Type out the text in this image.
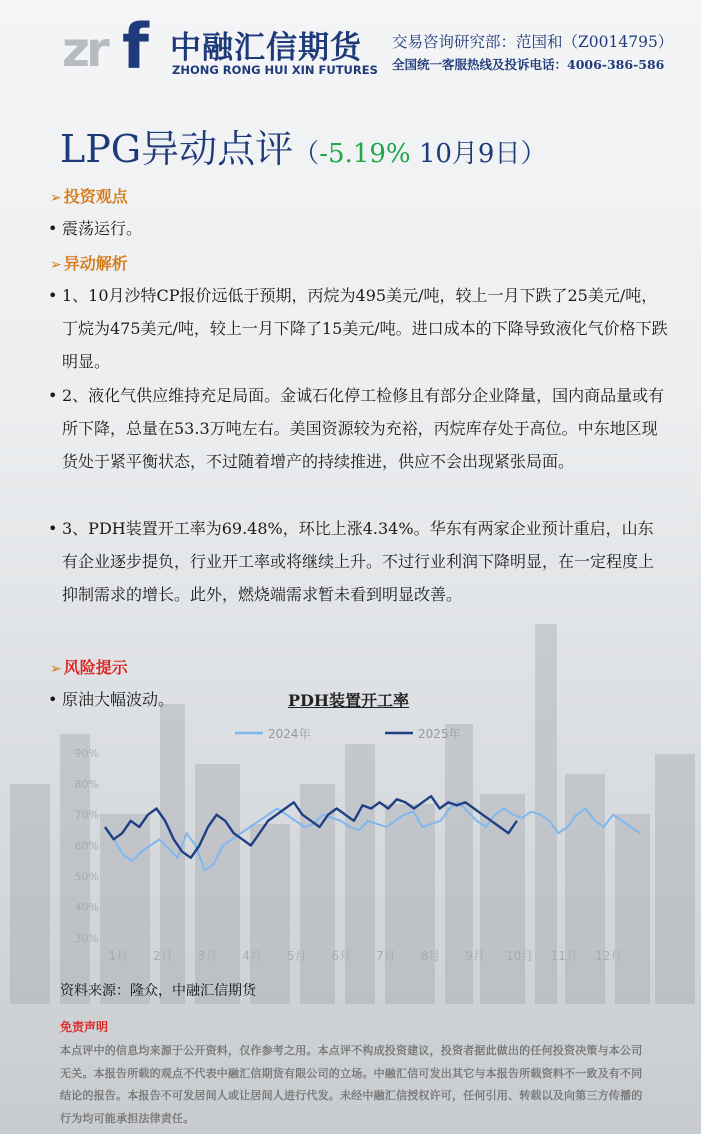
zr f 中融汇信期货
ZHONG RONG HUI XIN FUTURES
交易咨询研究部：范国和（Z0014795）
全国统一客服热线及投诉电话：4006-386-586
LPG异动点评（-5.19% 10月9日）
➢ 投资观点
• 震荡运行。
➢ 异动解析
• 1、10月沙特CP报价远低于预期，丙烷为495美元/吨，较上一月下跌了25美元/吨，丁烷为475美元/吨，较上一月下降了15美元/吨。进口成本的下降导致液化气价格下跌明显。
• 2、液化气供应维持充足局面。金诚石化停工检修且有部分企业降量，国内商品量或有所下降，总量在53.3万吨左右。美国资源较为充裕，丙烷库存处于高位。中东地区现货处于紧平衡状态，不过随着增产的持续推进，供应不会出现紧张局面。
• 3、PDH装置开工率为69.48%，环比上涨4.34%。华东有两家企业预计重启，山东有企业逐步提负，行业开工率或将继续上升。不过行业利润下降明显，在一定程度上抑制需求的增长。此外，燃烧端需求暂未看到明显改善。
➢ 风险提示
• 原油大幅波动。	PDH装置开工率
2024年	2025年
30%
40%
50%
60%
70%
80%
90%
1月 2月 3月 4月 5月 6月 7月 8月 9月 10月 11月 12月
资料来源：隆众，中融汇信期货
免责声明
本点评中的信息均来源于公开资料，仅作参考之用。本点评不构成投资建议，投资者据此做出的任何投资决策与本公司无关。本报告所载的观点不代表中融汇信期货有限公司的立场。中融汇信可发出其它与本报告所载资料不一致及有不同结论的报告。本报告不可发居间人或让居间人进行代发。未经中融汇信授权许可，任何引用、转载以及向第三方传播的行为均可能承担法律责任。
